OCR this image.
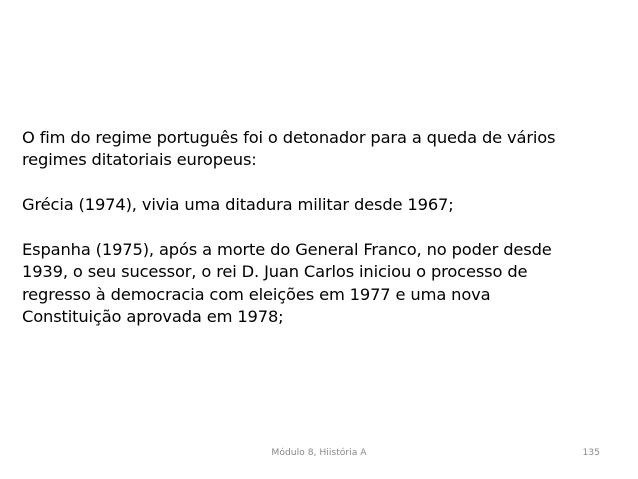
O fim do regime português foi o detonador para a queda de vários
regimes ditatoriais europeus:

Grécia (1974), vivia uma ditadura militar desde 1967;

Espanha (1975), após a morte do General Franco, no poder desde
1939, o seu sucessor, o rei D. Juan Carlos iniciou o processo de
regresso à democracia com eleições em 1977 e uma nova
Constituição aprovada em 1978;

Módulo 8, Hiistória A	135
